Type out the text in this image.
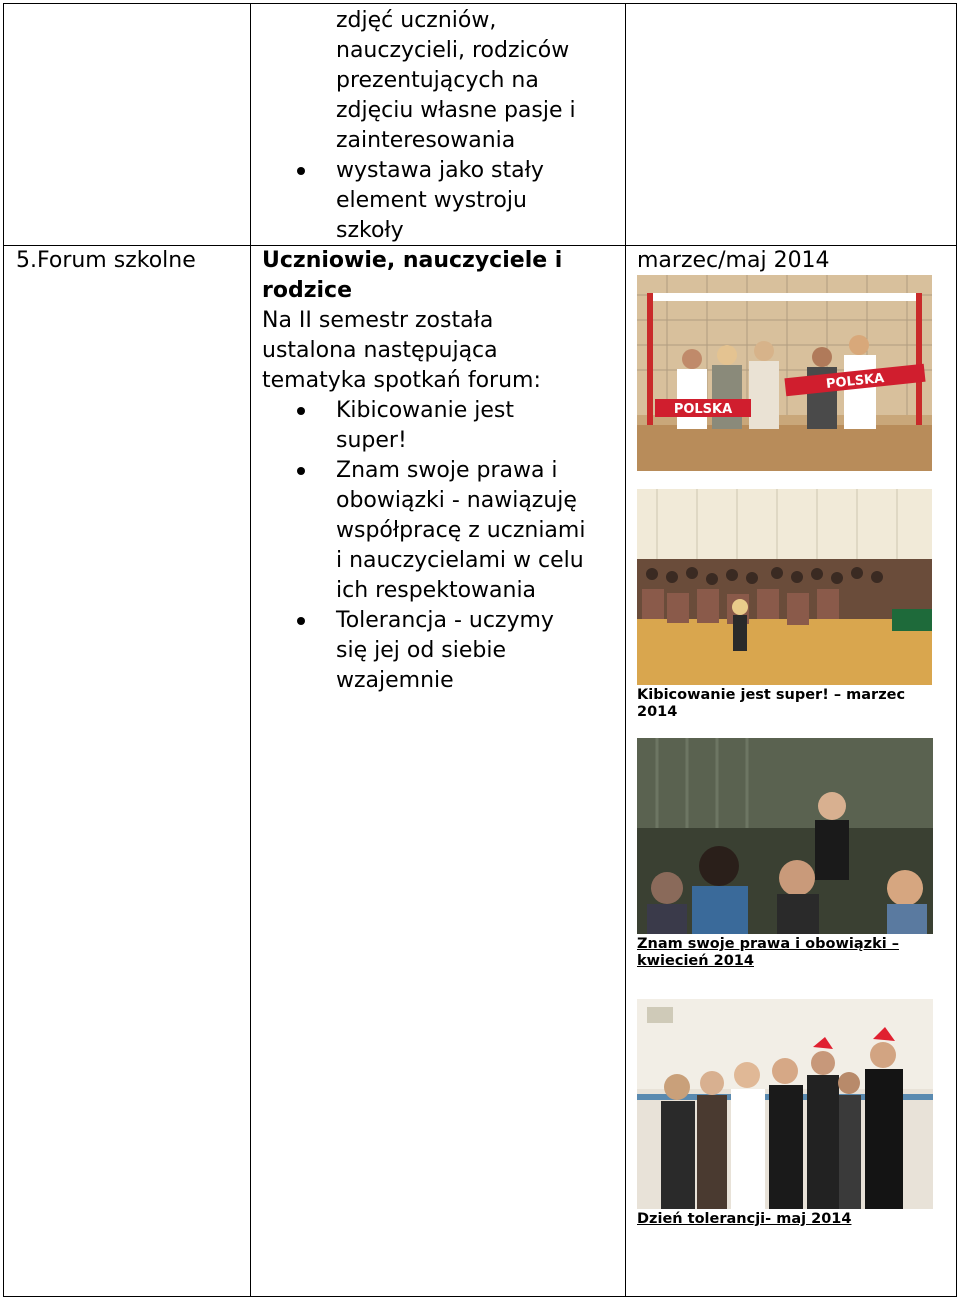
zdjęć uczniów,
nauczycieli, rodziców
prezentujących na
zdjęciu własne pasje i
zainteresowania
wystawa jako stały
element wystroju
szkoły
5.Forum szkolne	Uczniowie, nauczyciele i
rodzice
Na II semestr została
ustalona następująca
tematyka spotkań forum:
Kibicowanie jest
super!
Znam swoje prawa i
obowiązki - nawiązuję
współpracę z uczniami
i nauczycielami w celu
ich respektowania
Tolerancja - uczymy
się jej od siebie
wzajemnie
marzec/maj 2014
POLSKA
POLSKA
Kibicowanie jest super! – marzec
2014
Znam swoje prawa i obowiązki –
kwiecień 2014
Dzień tolerancji- maj 2014
